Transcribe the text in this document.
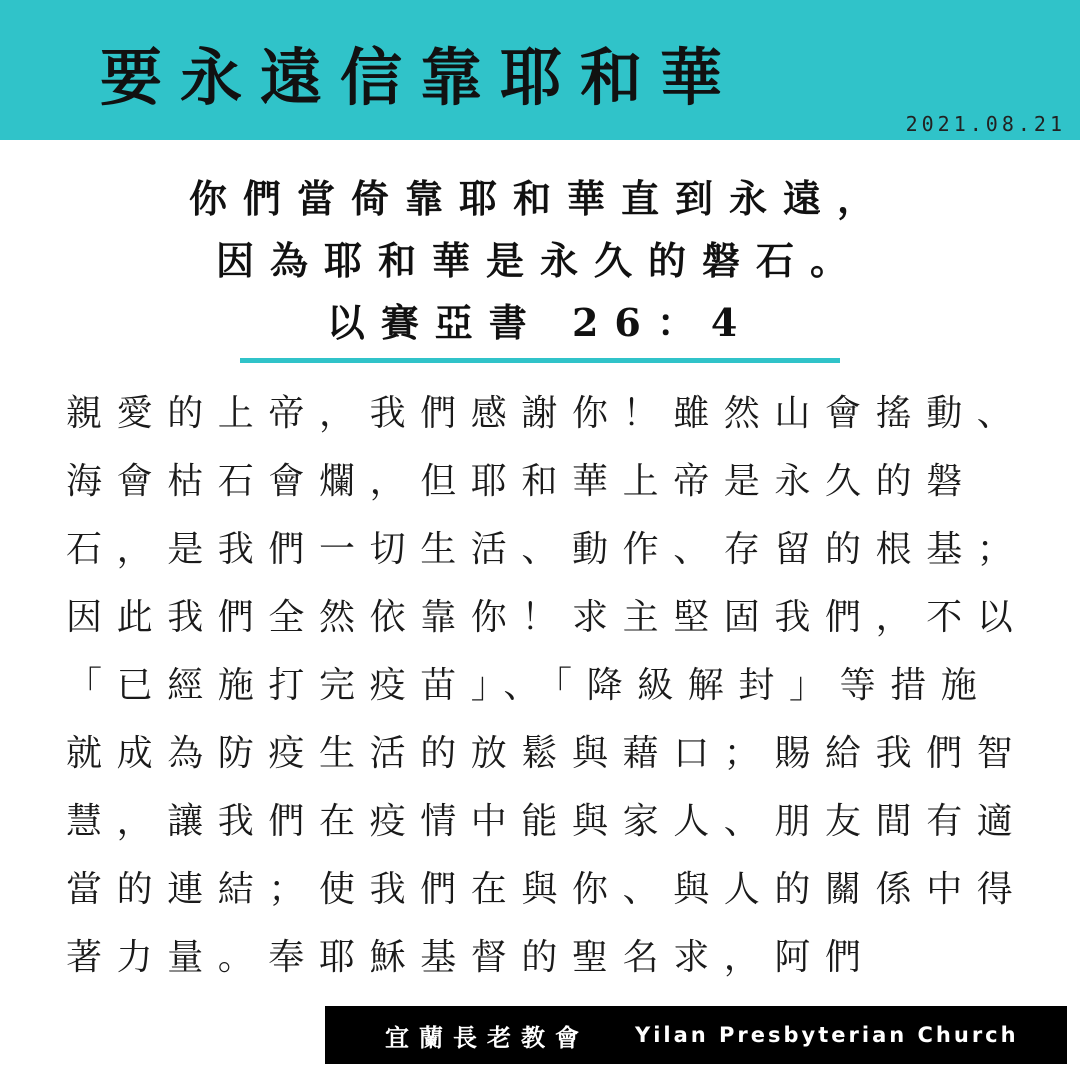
要永遠信靠耶和華
2021.08.21
你們當倚靠耶和華直到永遠，
因為耶和華是永久的磐石。
以賽亞書 26：4
親愛的上帝，我們感謝你！雖然山會搖動、
海會枯石會爛，但耶和華上帝是永久的磐
石，是我們一切生活、動作、存留的根基；
因此我們全然依靠你！求主堅固我們，不以
「已經施打完疫苗」、「降級解封」等措施
就成為防疫生活的放鬆與藉口；賜給我們智
慧，讓我們在疫情中能與家人、朋友間有適
當的連結；使我們在與你、與人的關係中得
著力量。奉耶穌基督的聖名求，阿們
宜蘭長老教會 Yilan Presbyterian Church
